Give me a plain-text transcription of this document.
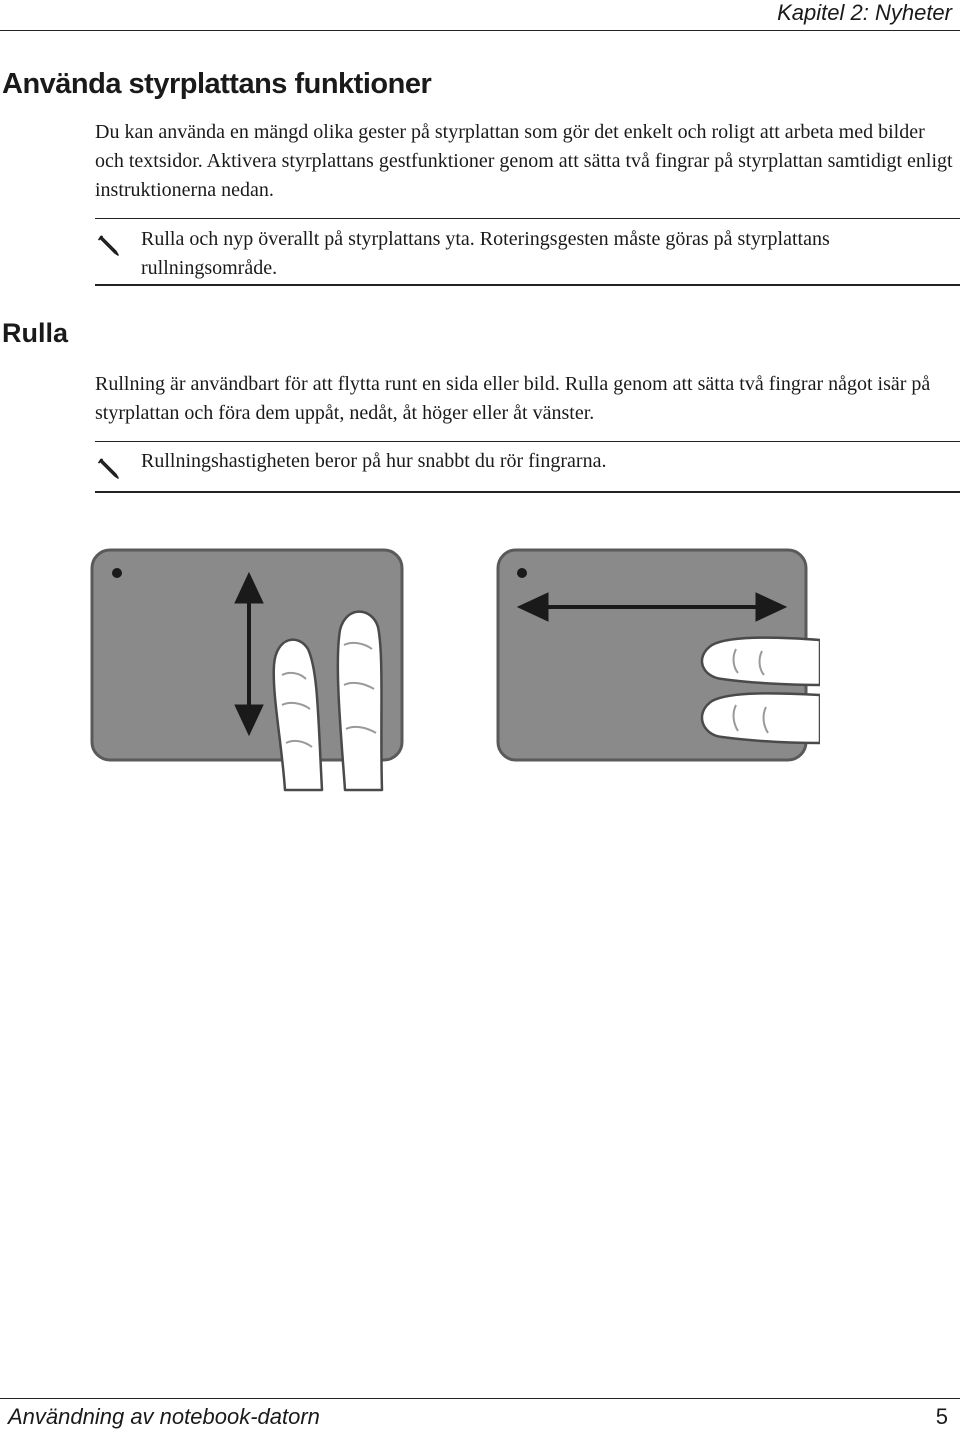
Kapitel 2: Nyheter
Använda styrplattans funktioner

Du kan använda en mängd olika gester på styrplattan som gör det enkelt och roligt att arbeta med bilder och textsidor. Aktivera styrplattans gestfunktioner genom att sätta två fingrar på styrplattan samtidigt enligt instruktionerna nedan.

Rulla och nyp överallt på styrplattans yta. Roteringsgesten måste göras på styrplattans rullningsområde.

Rulla

Rullning är användbart för att flytta runt en sida eller bild. Rulla genom att sätta två fingrar något isär på styrplattan och föra dem uppåt, nedåt, åt höger eller åt vänster.

Rullningshastigheten beror på hur snabbt du rör fingrarna.

Användning av notebook-datorn	5
